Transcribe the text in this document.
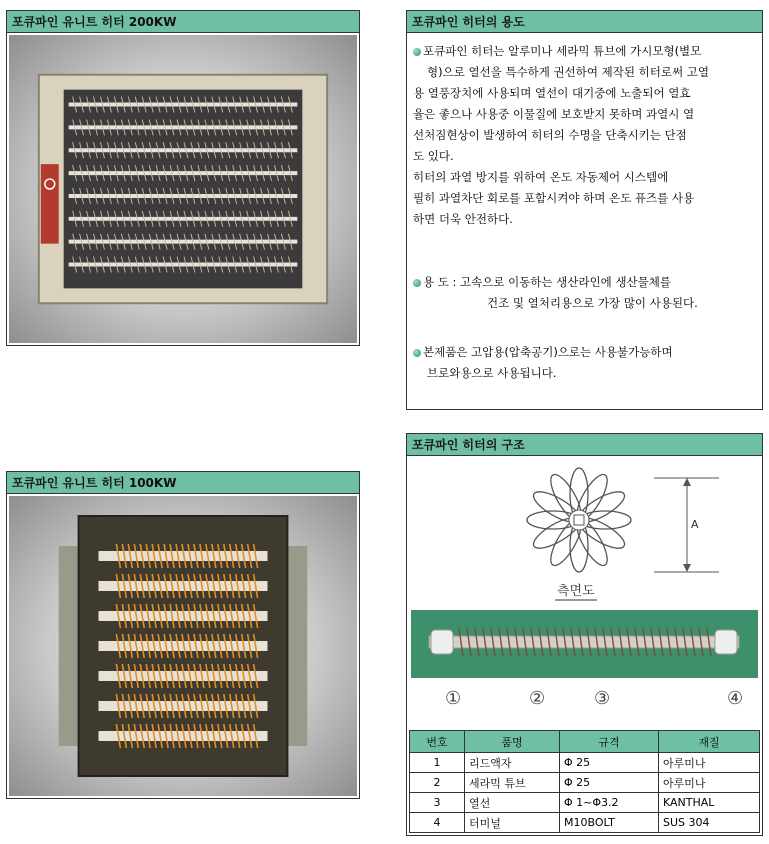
포큐파인 유니트 히터 200KW	포큐파인 히터의 용도

포큐파인 히터는 알루미나 세라믹 튜브에 가시모형(별모

형)으로 열선을 특수하게 권선하여 제작된 히터로써 고열

용 열풍장치에 사용되며 열선이 대기중에 노출되어 열효

율은 좋으나 사용중 이물질에 보호받지 못하며 과열시 열

선처짐현상이 발생하여 히터의 수명을 단축시키는 단점

도 있다.

히터의 과열 방지를 위하여 온도 자동제어 시스템에

필히 과열차단 회로를 포함시켜야 하며 온도 퓨즈를 사용

하면 더욱 안전하다.

용 도 : 고속으로 이동하는 생산라인에 생산물체를

건조 및 열처리용으로 가장 많이 사용된다.

본제품은 고압용(압축공기)으로는 사용불가능하며

브로와용으로 사용됩니다.

포큐파인 유니트 히터 100KW
포큐파인 히터의 구조
A
측면도
①	②	③	④
번호	품명	규격	재질
1	리드액자	Φ 25	아루미나
2	세라믹 튜브	Φ 25	아루미나
3	열선	Φ 1~Φ3.2	KANTHAL
4	터미널	M10BOLT	SUS 304
